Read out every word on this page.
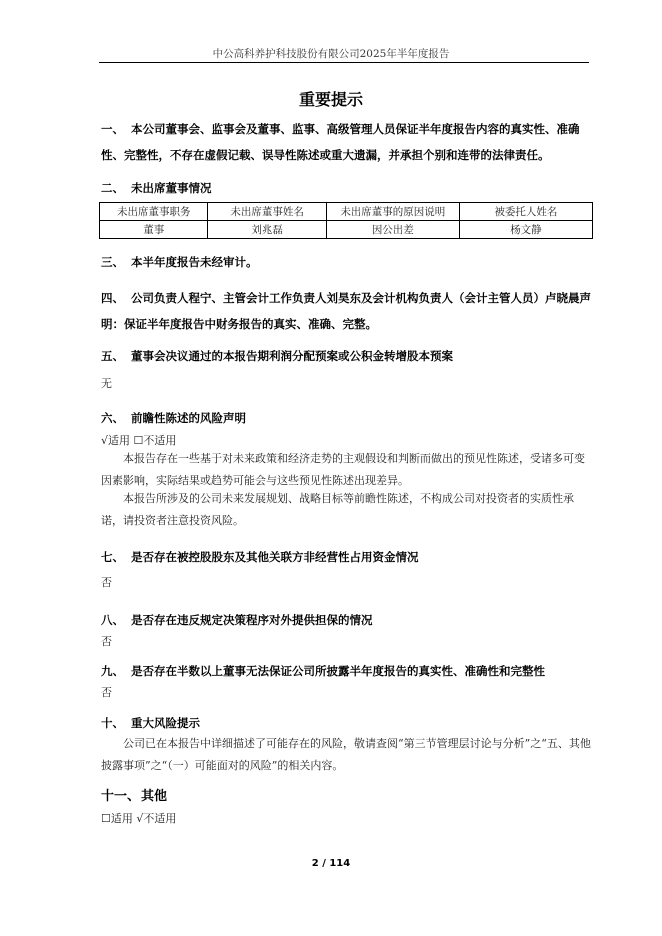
中公高科养护科技股份有限公司2025年半年度报告
重要提示
一、 本公司董事会、监事会及董事、监事、高级管理人员保证半年度报告内容的真实性、准确性、完整性，不存在虚假记载、误导性陈述或重大遗漏，并承担个别和连带的法律责任。
二、 未出席董事情况
未出席董事职务	未出席董事姓名	未出席董事的原因说明	被委托人姓名
董事	刘兆磊	因公出差	杨文静
三、 本半年度报告未经审计。
四、 公司负责人程宁、主管会计工作负责人刘昊东及会计机构负责人（会计主管人员）卢晓晨声明：保证半年度报告中财务报告的真实、准确、完整。
五、 董事会决议通过的本报告期利润分配预案或公积金转增股本预案
无
六、 前瞻性陈述的风险声明
√适用 ☐不适用
本报告存在一些基于对未来政策和经济走势的主观假设和判断而做出的预见性陈述，受诸多可变因素影响，实际结果或趋势可能会与这些预见性陈述出现差异。
本报告所涉及的公司未来发展规划、战略目标等前瞻性陈述，不构成公司对投资者的实质性承诺，请投资者注意投资风险。
七、 是否存在被控股股东及其他关联方非经营性占用资金情况
否
八、 是否存在违反规定决策程序对外提供担保的情况
否
九、 是否存在半数以上董事无法保证公司所披露半年度报告的真实性、准确性和完整性
否
十、 重大风险提示
公司已在本报告中详细描述了可能存在的风险，敬请查阅“第三节管理层讨论与分析”之“五、其他披露事项”之“（一）可能面对的风险”的相关内容。
十一、其他
☐适用 √不适用
2 / 114
